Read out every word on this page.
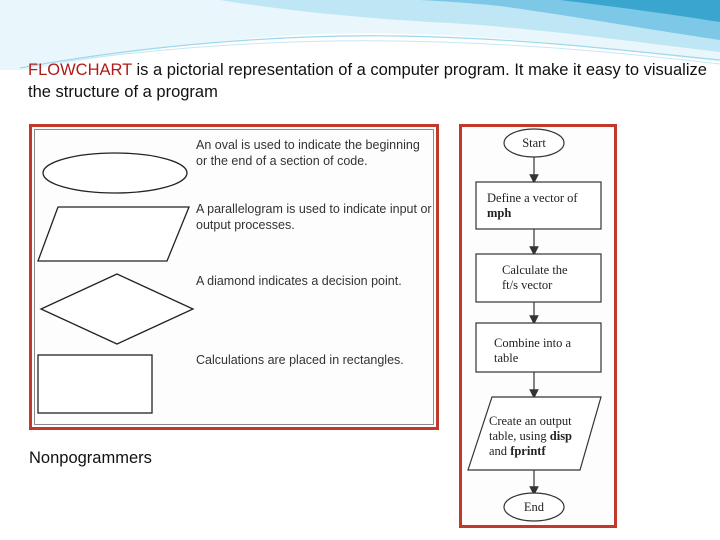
FLOWCHART is a pictorial representation of a computer program. It make it easy to visualize the structure of a program
An oval is used to indicate the beginning or the end of a section of code.
A parallelogram is used to indicate input or output processes.
A diamond indicates a decision point.
Calculations are placed in rectangles.
Nonpogrammers
Start
Define a vector of
mph
Calculate the
ft/s vector
Combine into a
table
Create an output
table, using disp
and fprintf
End
